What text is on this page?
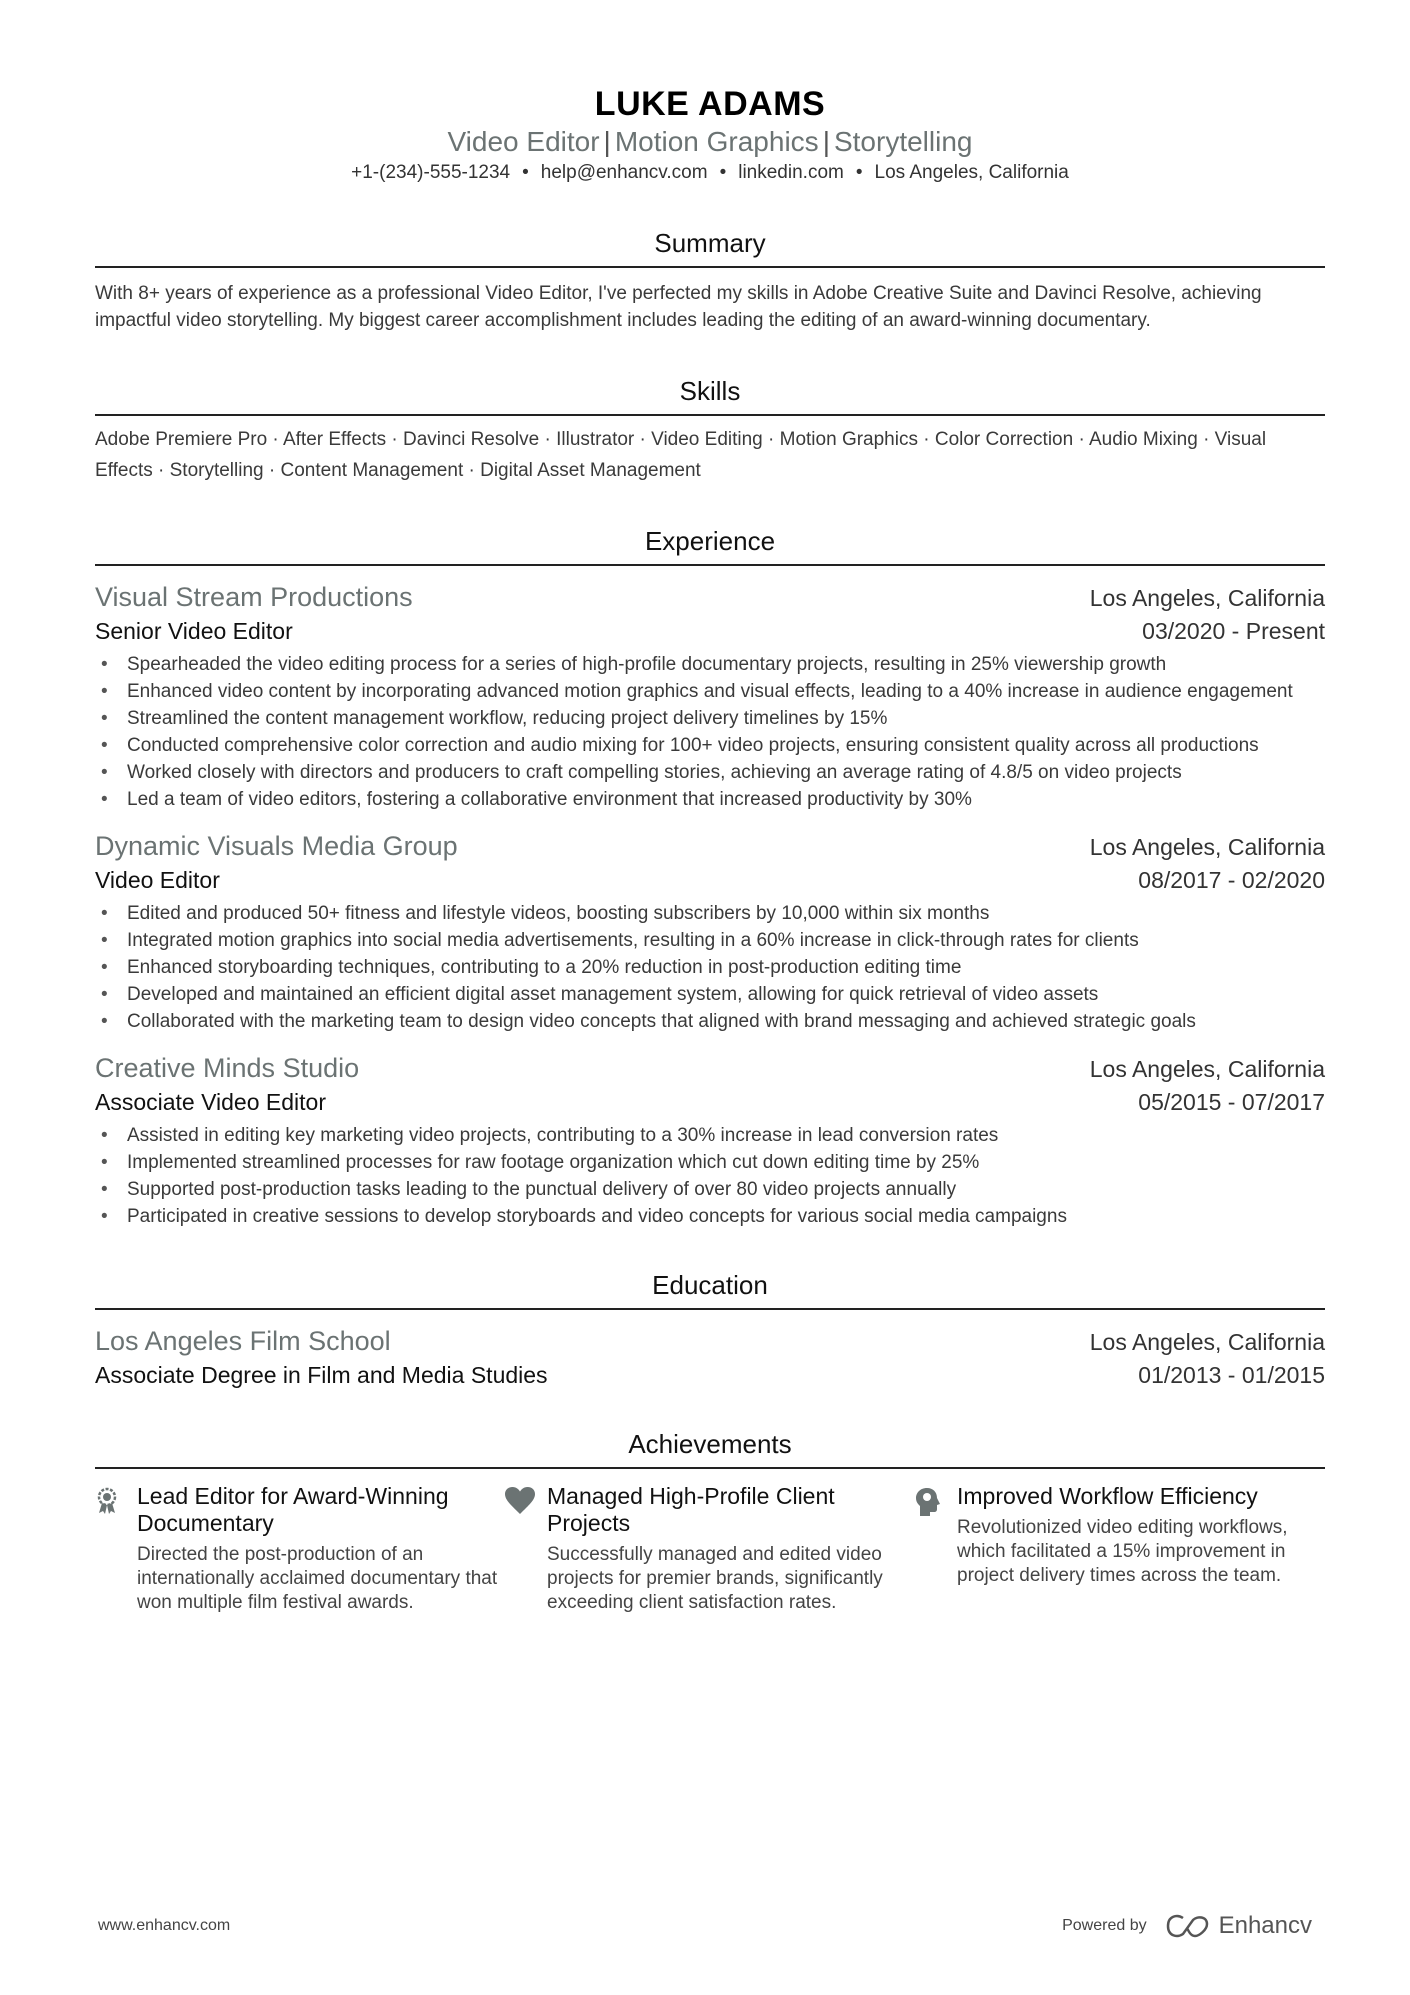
LUKE ADAMS
Video Editor | Motion Graphics | Storytelling
+1-(234)-555-1234 • help@enhancv.com • linkedin.com • Los Angeles, California
Summary
With 8+ years of experience as a professional Video Editor, I've perfected my skills in Adobe Creative Suite and Davinci Resolve, achieving impactful video storytelling. My biggest career accomplishment includes leading the editing of an award-winning documentary.
Skills
Adobe Premiere Pro · After Effects · Davinci Resolve · Illustrator · Video Editing · Motion Graphics · Color Correction · Audio Mixing · Visual Effects · Storytelling · Content Management · Digital Asset Management
Experience
Visual Stream Productions	Los Angeles, California
Senior Video Editor	03/2020 - Present
• Spearheaded the video editing process for a series of high-profile documentary projects, resulting in 25% viewership growth
• Enhanced video content by incorporating advanced motion graphics and visual effects, leading to a 40% increase in audience engagement
• Streamlined the content management workflow, reducing project delivery timelines by 15%
• Conducted comprehensive color correction and audio mixing for 100+ video projects, ensuring consistent quality across all productions
• Worked closely with directors and producers to craft compelling stories, achieving an average rating of 4.8/5 on video projects
• Led a team of video editors, fostering a collaborative environment that increased productivity by 30%
Dynamic Visuals Media Group	Los Angeles, California
Video Editor	08/2017 - 02/2020
• Edited and produced 50+ fitness and lifestyle videos, boosting subscribers by 10,000 within six months
• Integrated motion graphics into social media advertisements, resulting in a 60% increase in click-through rates for clients
• Enhanced storyboarding techniques, contributing to a 20% reduction in post-production editing time
• Developed and maintained an efficient digital asset management system, allowing for quick retrieval of video assets
• Collaborated with the marketing team to design video concepts that aligned with brand messaging and achieved strategic goals
Creative Minds Studio	Los Angeles, California
Associate Video Editor	05/2015 - 07/2017
• Assisted in editing key marketing video projects, contributing to a 30% increase in lead conversion rates
• Implemented streamlined processes for raw footage organization which cut down editing time by 25%
• Supported post-production tasks leading to the punctual delivery of over 80 video projects annually
• Participated in creative sessions to develop storyboards and video concepts for various social media campaigns
Education
Los Angeles Film School	Los Angeles, California
Associate Degree in Film and Media Studies	01/2013 - 01/2015
Achievements
Lead Editor for Award-Winning Documentary
Directed the post-production of an internationally acclaimed documentary that won multiple film festival awards.
Managed High-Profile Client Projects
Successfully managed and edited video projects for premier brands, significantly exceeding client satisfaction rates.
Improved Workflow Efficiency
Revolutionized video editing workflows, which facilitated a 15% improvement in project delivery times across the team.
www.enhancv.com	Powered by	Enhancv
